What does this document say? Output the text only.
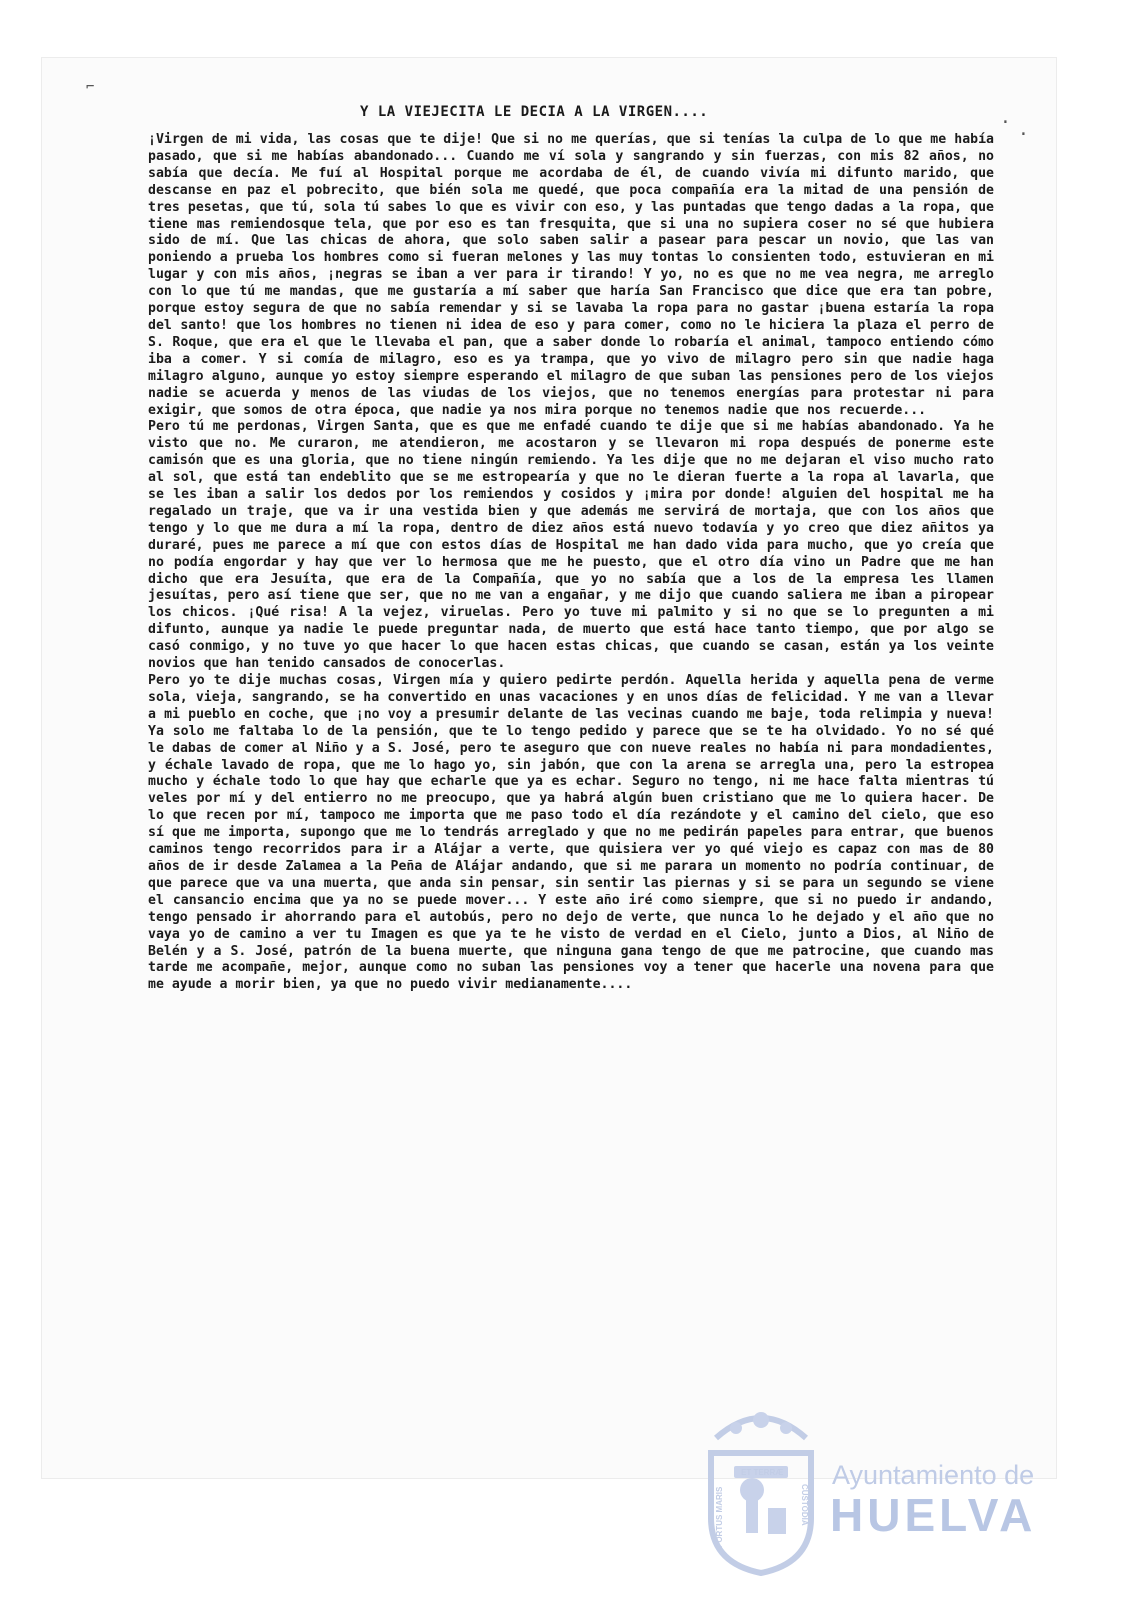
⌐
·
·
Y LA VIEJECITA LE DECIA A LA VIRGEN....

¡Virgen de mi vida, las cosas que te dije! Que si no me querías, que si tenías la culpa de lo que me había pasado, que si me habías abandonado... Cuando me ví sola y sangrando y sin fuerzas, con mis 82 años, no sabía que decía. Me fuí al Hospital porque me acordaba de él, de cuando vivía mi difunto marido, que descanse en paz el pobrecito, que bién sola me quedé, que poca compañía era la mitad de una pensión de tres pesetas, que tú, sola tú sabes lo que es vivir con eso, y las puntadas que tengo dadas a la ropa, que tiene mas remiendosque tela, que por eso es tan fresquita, que si una no supiera coser no sé que hubiera sido de mí. Que las chicas de ahora, que solo saben salir a pasear para pescar un novio, que las van poniendo a prueba los hombres como si fueran melones y las muy tontas lo consienten todo, estuvieran en mi lugar y con mis años, ¡negras se iban a ver para ir tirando! Y yo, no es que no me vea negra, me arreglo con lo que tú me mandas, que me gustaría a mí saber que haría San Francisco que dice que era tan pobre, porque estoy segura de que no sabía remendar y si se lavaba la ropa para no gastar ¡buena estaría la ropa del santo! que los hombres no tienen ni idea de eso y para comer, como no le hiciera la plaza el perro de S. Roque, que era el que le llevaba el pan, que a saber donde lo robaría el animal, tampoco entiendo cómo iba a comer. Y si comía de milagro, eso es ya trampa, que yo vivo de milagro pero sin que nadie haga milagro alguno, aunque yo estoy siempre esperando el milagro de que suban las pensiones pero de los viejos nadie se acuerda y menos de las viudas de los viejos, que no tenemos energías para protestar ni para exigir, que somos de otra época, que nadie ya nos mira porque no tenemos nadie que nos recuerde...

Pero tú me perdonas, Virgen Santa, que es que me enfadé cuando te dije que si me habías abandonado. Ya he visto que no. Me curaron, me atendieron, me acostaron y se llevaron mi ropa después de ponerme este camisón que es una gloria, que no tiene ningún remiendo. Ya les dije que no me dejaran el viso mucho rato al sol, que está tan endeblito que se me estropearía y que no le dieran fuerte a la ropa al lavarla, que se les iban a salir los dedos por los remiendos y cosidos y ¡mira por donde! alguien del hospital me ha regalado un traje, que va ir una vestida bien y que además me servirá de mortaja, que con los años que tengo y lo que me dura a mí la ropa, dentro de diez años está nuevo todavía y yo creo que diez añitos ya duraré, pues me parece a mí que con estos días de Hospital me han dado vida para mucho, que yo creía que no podía engordar y hay que ver lo hermosa que me he puesto, que el otro día vino un Padre que me han dicho que era Jesuíta, que era de la Compañía, que yo no sabía que a los de la empresa les llamen jesuítas, pero así tiene que ser, que no me van a engañar, y me dijo que cuando saliera me iban a piropear los chicos. ¡Qué risa! A la vejez, viruelas. Pero yo tuve mi palmito y si no que se lo pregunten a mi difunto, aunque ya nadie le puede preguntar nada, de muerto que está hace tanto tiempo, que por algo se casó conmigo, y no tuve yo que hacer lo que hacen estas chicas, que cuando se casan, están ya los veinte novios que han tenido cansados de conocerlas.

Pero yo te dije muchas cosas, Virgen mía y quiero pedirte perdón. Aquella herida y aquella pena de verme sola, vieja, sangrando, se ha convertido en unas vacaciones y en unos días de felicidad. Y me van a llevar a mi pueblo en coche, que ¡no voy a presumir delante de las vecinas cuando me baje, toda relimpia y nueva! Ya solo me faltaba lo de la pensión, que te lo tengo pedido y parece que se te ha olvidado. Yo no sé qué le dabas de comer al Niño y a S. José, pero te aseguro que con nueve reales no había ni para mondadientes, y échale lavado de ropa, que me lo hago yo, sin jabón, que con la arena se arregla una, pero la estropea mucho y échale todo lo que hay que echarle que ya es echar. Seguro no tengo, ni me hace falta mientras tú veles por mí y del entierro no me preocupo, que ya habrá algún buen cristiano que me lo quiera hacer. De lo que recen por mí, tampoco me importa que me paso todo el día rezándote y el camino del cielo, que eso sí que me importa, supongo que me lo tendrás arreglado y que no me pedirán papeles para entrar, que buenos caminos tengo recorridos para ir a Alájar a verte, que quisiera ver yo qué viejo es capaz con mas de 80 años de ir desde Zalamea a la Peña de Alájar andando, que si me parara un momento no podría continuar, de que parece que va una muerta, que anda sin pensar, sin sentir las piernas y si se para un segundo se viene el cansancio encima que ya no se puede mover... Y este año iré como siempre, que si no puedo ir andando, tengo pensado ir ahorrando para el autobús, pero no dejo de verte, que nunca lo he dejado y el año que no vaya yo de camino a ver tu Imagen es que ya te he visto de verdad en el Cielo, junto a Dios, al Niño de Belén y a S. José, patrón de la buena muerte, que ninguna gana tengo de que me patrocine, que cuando mas tarde me acompañe, mejor, aunque como no suban las pensiones voy a tener que hacerle una novena para que me ayude a morir bien, ya que no puedo vivir medianamente....

ET TERRÆ
PORTUS MARIS	CUSTODIA
Ayuntamiento de
HUELVA
